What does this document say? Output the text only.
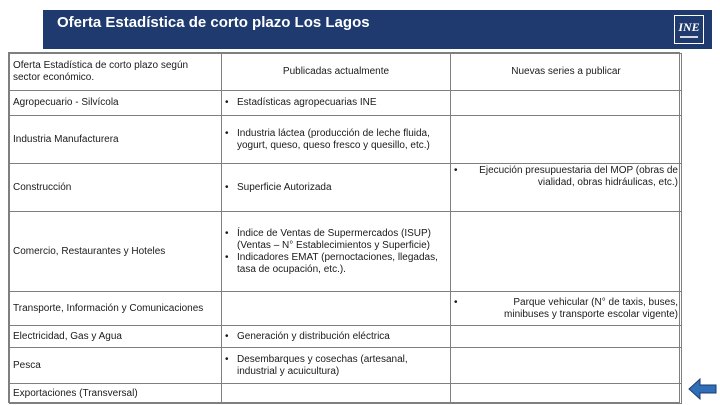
Oferta Estadística de corto plazo Los Lagos	INE
Oferta Estadística de corto plazo según sector económico.	Publicadas actualmente	Nuevas series a publicar
Agropecuario - Silvícola	• Estadísticas agropecuarias INE	

Industria Manufacturera	• Industria láctea (producción de leche fluida, yogurt, queso, queso fresco y quesillo, etc.)	

Construcción	• Superficie Autorizada	• Ejecución presupuestaria del MOP (obras de vialidad, obras hidráulicas, etc.)

Comercio, Restaurantes y Hoteles	• Índice de Ventas de Supermercados (ISUP) (Ventas – N° Establecimientos y Superficie)
• Indicadores EMAT (pernoctaciones, llegadas, tasa de ocupación, etc.).	

Transporte, Información y Comunicaciones		• Parque vehicular (N° de taxis, buses, minibuses y transporte escolar vigente)

Electricidad, Gas y Agua	• Generación y distribución eléctrica	

Pesca	• Desembarques y cosechas (artesanal, industrial y acuicultura)	

Exportaciones (Transversal)		
